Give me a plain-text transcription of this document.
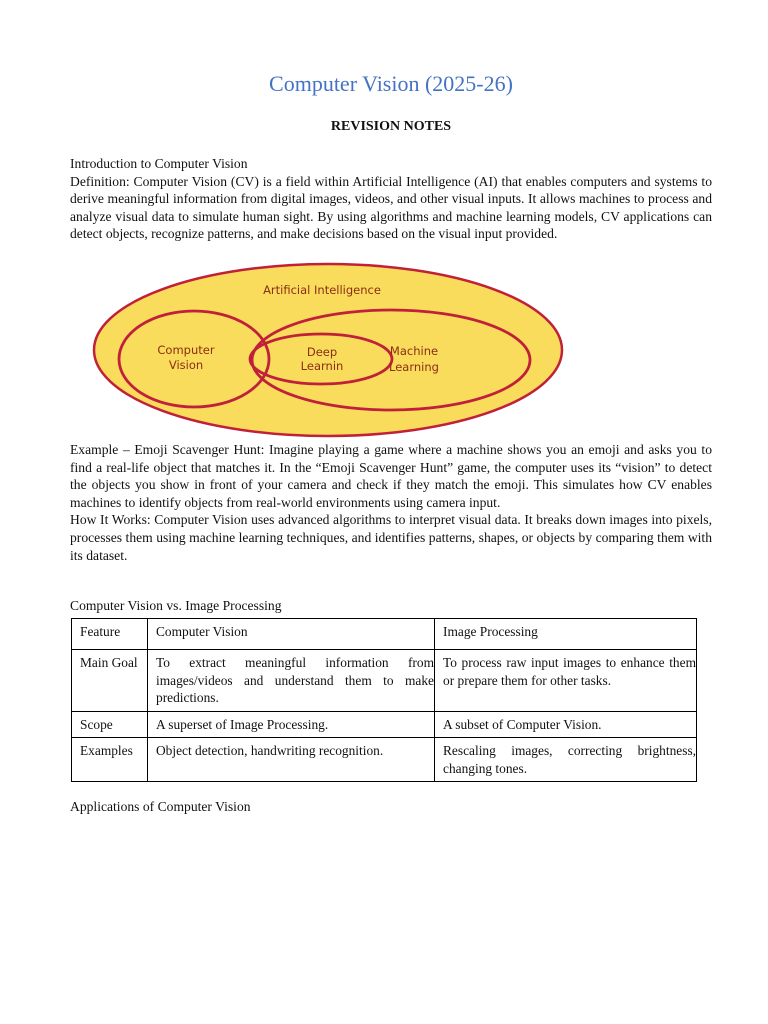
Computer Vision (2025-26)
REVISION NOTES
Introduction to Computer Vision
Definition: Computer Vision (CV) is a field within Artificial Intelligence (AI) that enables computers and systems to derive meaningful information from digital images, videos, and other visual inputs. It allows machines to process and analyze visual data to simulate human sight. By using algorithms and machine learning models, CV applications can detect objects, recognize patterns, and make decisions based on the visual input provided.
Artificial Intelligence
Computer
Vision
Deep
Learnin
Machine
Learning
Example – Emoji Scavenger Hunt: Imagine playing a game where a machine shows you an emoji and asks you to find a real-life object that matches it. In the “Emoji Scavenger Hunt” game, the computer uses its “vision” to detect the objects you show in front of your camera and check if they match the emoji. This simulates how CV enables machines to identify objects from real-world environments using camera input.
How It Works: Computer Vision uses advanced algorithms to interpret visual data. It breaks down images into pixels, processes them using machine learning techniques, and identifies patterns, shapes, or objects by comparing them with its dataset.
Computer Vision vs. Image Processing
Feature	Computer Vision	Image Processing
Main Goal	To extract meaningful information from images/videos and understand them to make predictions.	To process raw input images to enhance them or prepare them for other tasks.
Scope	A superset of Image Processing.	A subset of Computer Vision.
Examples	Object detection, handwriting recognition.	Rescaling images, correcting brightness, changing tones.
Applications of Computer Vision
